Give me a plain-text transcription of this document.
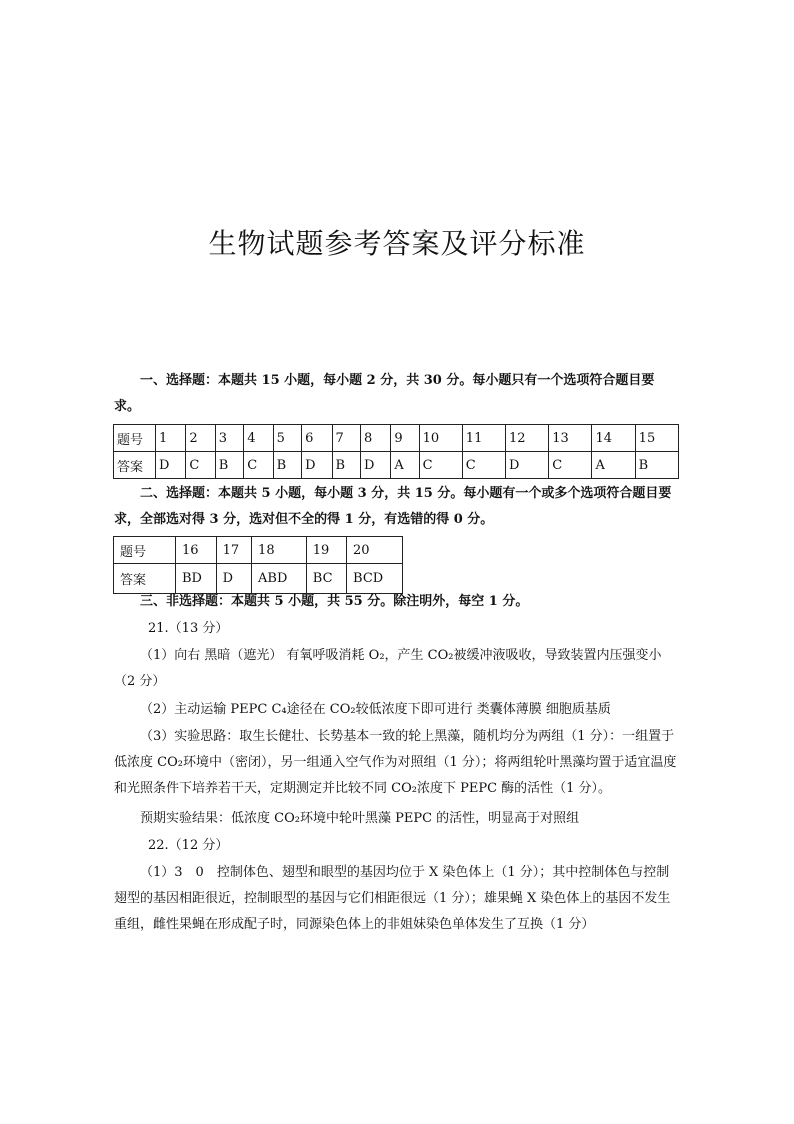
生物试题参考答案及评分标准

一、选择题：本题共 15 小题，每小题 2 分，共 30 分。每小题只有一个选项符合题目要求。

题号	1	2	3	4	5	6	7	8	9	10	11	12	13	14	15
答案	D	C	B	C	B	D	B	D	A	C	C	D	C	A	B

二、选择题：本题共 5 小题，每小题 3 分，共 15 分。每小题有一个或多个选项符合题目要求，全部选对得 3 分，选对但不全的得 1 分，有选错的得 0 分。

题号	16	17	18	19	20
答案	BD	D	ABD	BC	BCD

三、非选择题：本题共 5 小题，共 55 分。除注明外，每空 1 分。

21.（13 分）

（1）向右 黑暗（遮光） 有氧呼吸消耗 O₂，产生 CO₂被缓冲液吸收，导致装置内压强变小（2 分）

（2）主动运输 PEPC C₄途径在 CO₂较低浓度下即可进行 类囊体薄膜 细胞质基质

（3）实验思路：取生长健壮、长势基本一致的轮上黑藻，随机均分为两组（1 分）：一组置于低浓度 CO₂环境中（密闭），另一组通入空气作为对照组（1 分）；将两组轮叶黑藻均置于适宜温度和光照条件下培养若干天，定期测定并比较不同 CO₂浓度下 PEPC 酶的活性（1 分）。

预期实验结果：低浓度 CO₂环境中轮叶黑藻 PEPC 的活性，明显高于对照组

22.（12 分）

（1）3　0　控制体色、翅型和眼型的基因均位于 X 染色体上（1 分）；其中控制体色与控制翅型的基因相距很近，控制眼型的基因与它们相距很远（1 分）；雄果蝇 X 染色体上的基因不发生重组，雌性果蝇在形成配子时，同源染色体上的非姐妹染色单体发生了互换（1 分）
